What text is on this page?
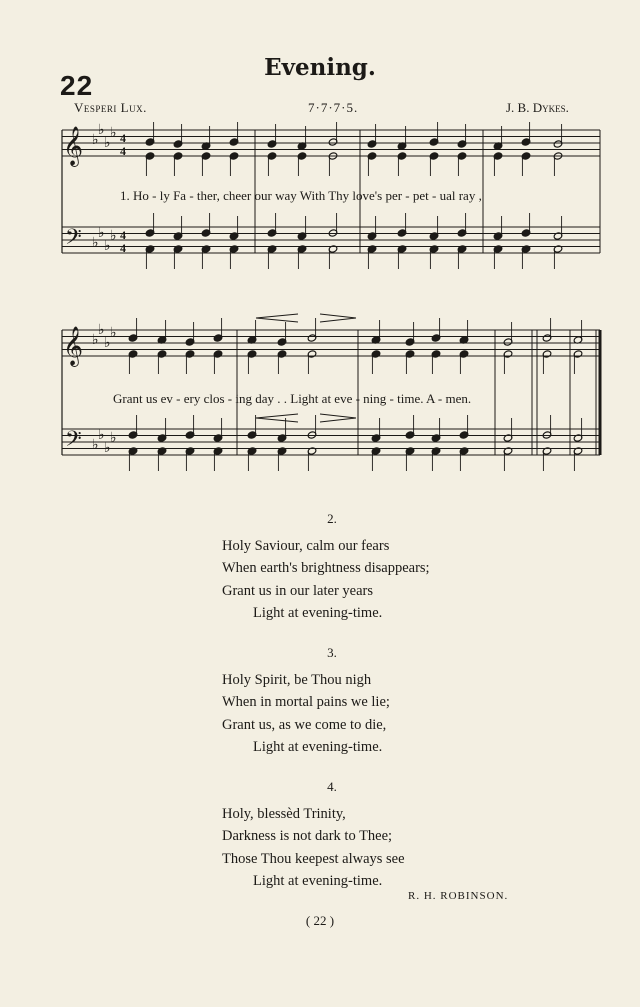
22
Evening.
Vesperi Lux.	7·7·7·5.	J. B. Dykes.
𝄞
𝄢
♭
♭
♭
♭
♭
♭
♭
♭
4
4
4
4
𝄞
𝄢
♭
♭
♭
♭
♭
♭
♭
♭
1. Ho - ly Fa - ther, cheer our way With Thy love's per - pet - ual ray ,
Grant us ev - ery clos - ing day . . Light at eve - ning - time. A - men.
2.
Holy Saviour, calm our fears
When earth's brightness disappears;
Grant us in our later years
Light at evening-time.
3.
Holy Spirit, be Thou nigh
When in mortal pains we lie;
Grant us, as we come to die,
Light at evening-time.
4.
Holy, blessèd Trinity,
Darkness is not dark to Thee;
Those Thou keepest always see
Light at evening-time.
R. H. ROBINSON.
( 22 )
